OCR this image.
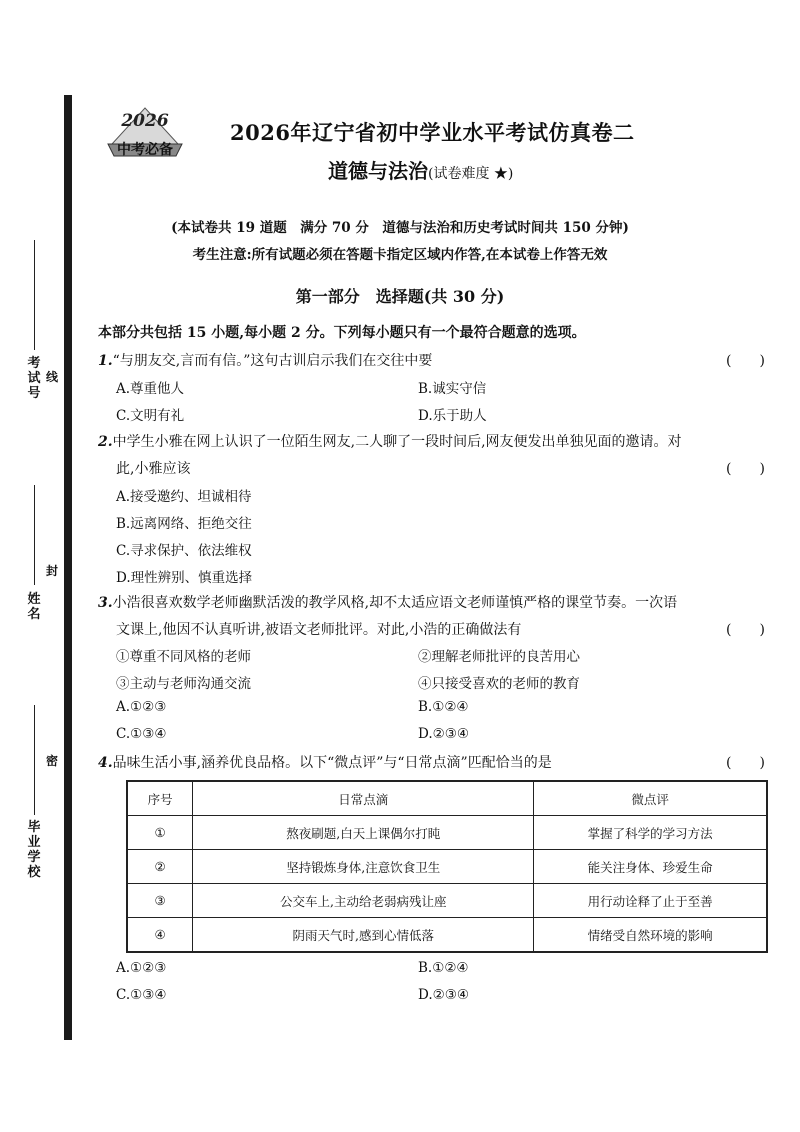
考试号
线
姓名
封
毕业学校
密
2026
中考必备
2026年辽宁省初中学业水平考试仿真卷二
道德与法治(试卷难度 ★)
(本试卷共 19 道题　满分 70 分　道德与法治和历史考试时间共 150 分钟)
考生注意:所有试题必须在答题卡指定区域内作答,在本试卷上作答无效
第一部分　选择题(共 30 分)
本部分共包括 15 小题,每小题 2 分。下列每小题只有一个最符合题意的选项。
1.“与朋友交,言而有信。”这句古训启示我们在交往中要	(　　)
A.尊重他人	B.诚实守信
C.文明有礼	D.乐于助人
2.中学生小雅在网上认识了一位陌生网友,二人聊了一段时间后,网友便发出单独见面的邀请。对
此,小雅应该	(　　)
A.接受邀约、坦诚相待
B.远离网络、拒绝交往
C.寻求保护、依法维权
D.理性辨别、慎重选择
3.小浩很喜欢数学老师幽默活泼的教学风格,却不太适应语文老师谨慎严格的课堂节奏。一次语
文课上,他因不认真听讲,被语文老师批评。对此,小浩的正确做法有	(　　)
①尊重不同风格的老师	②理解老师批评的良苦用心
③主动与老师沟通交流	④只接受喜欢的老师的教育
A.①②③	B.①②④
C.①③④	D.②③④
4.品味生活小事,涵养优良品格。以下“微点评”与“日常点滴”匹配恰当的是	(　　)
序号	日常点滴	微点评
①	熬夜刷题,白天上课偶尔打盹	掌握了科学的学习方法
②	坚持锻炼身体,注意饮食卫生	能关注身体、珍爱生命
③	公交车上,主动给老弱病残让座	用行动诠释了止于至善
④	阴雨天气时,感到心情低落	情绪受自然环境的影响
A.①②③	B.①②④
C.①③④	D.②③④
